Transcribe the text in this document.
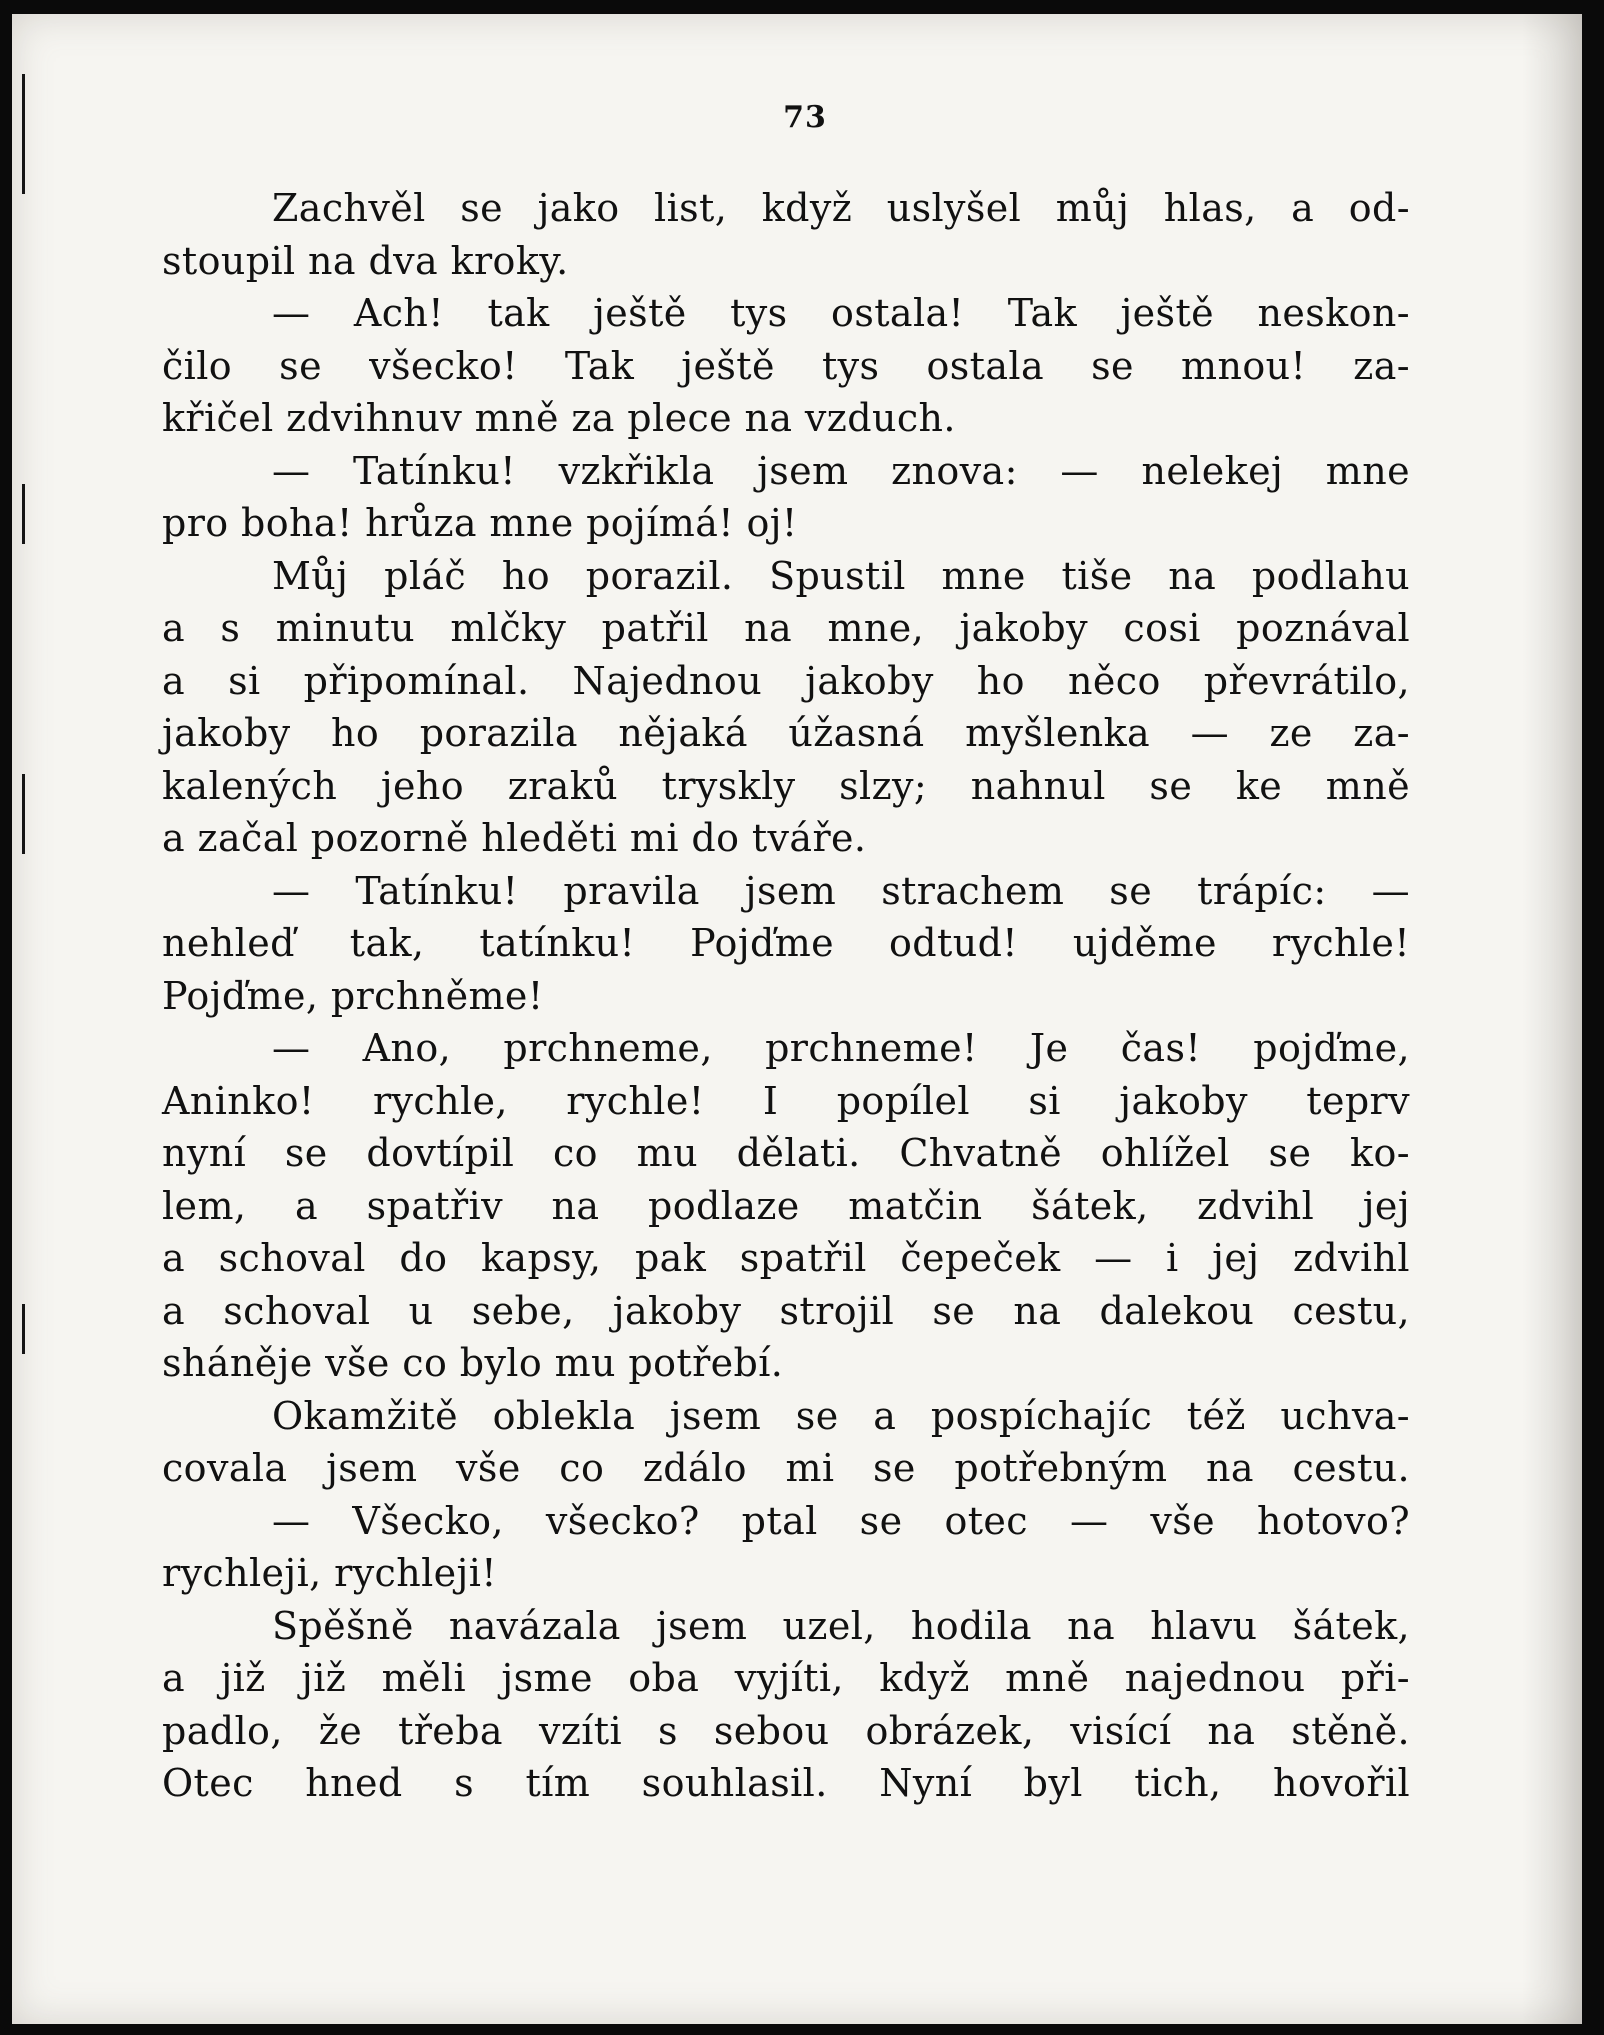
73
Zachvěl se jako list, když uslyšel můj hlas, a od-
stoupil na dva kroky.
— Ach! tak ještě tys ostala! Tak ještě neskon-
čilo se všecko! Tak ještě tys ostala se mnou! za-
křičel zdvihnuv mně za plece na vzduch.
— Tatínku! vzkřikla jsem znova: — nelekej mne
pro boha! hrůza mne pojímá! oj!
Můj pláč ho porazil. Spustil mne tiše na podlahu
a s minutu mlčky patřil na mne, jakoby cosi poznával
a si připomínal. Najednou jakoby ho něco převrátilo,
jakoby ho porazila nějaká úžasná myšlenka — ze za-
kalených jeho zraků tryskly slzy; nahnul se ke mně
a začal pozorně hleděti mi do tváře.
— Tatínku! pravila jsem strachem se trápíc: —
nehleď tak, tatínku! Pojďme odtud! ujděme rychle!
Pojďme, prchněme!
— Ano, prchneme, prchneme! Je čas! pojďme,
Aninko! rychle, rychle! I popílel si jakoby teprv
nyní se dovtípil co mu dělati. Chvatně ohlížel se ko-
lem, a spatřiv na podlaze matčin šátek, zdvihl jej
a schoval do kapsy, pak spatřil čepeček — i jej zdvihl
a schoval u sebe, jakoby strojil se na dalekou cestu,
sháněje vše co bylo mu potřebí.
Okamžitě oblekla jsem se a pospíchajíc též uchva-
covala jsem vše co zdálo mi se potřebným na cestu.
— Všecko, všecko? ptal se otec — vše hotovo?
rychleji, rychleji!
Spěšně navázala jsem uzel, hodila na hlavu šátek,
a již již měli jsme oba vyjíti, když mně najednou při-
padlo, že třeba vzíti s sebou obrázek, visící na stěně.
Otec hned s tím souhlasil. Nyní byl tich, hovořil
